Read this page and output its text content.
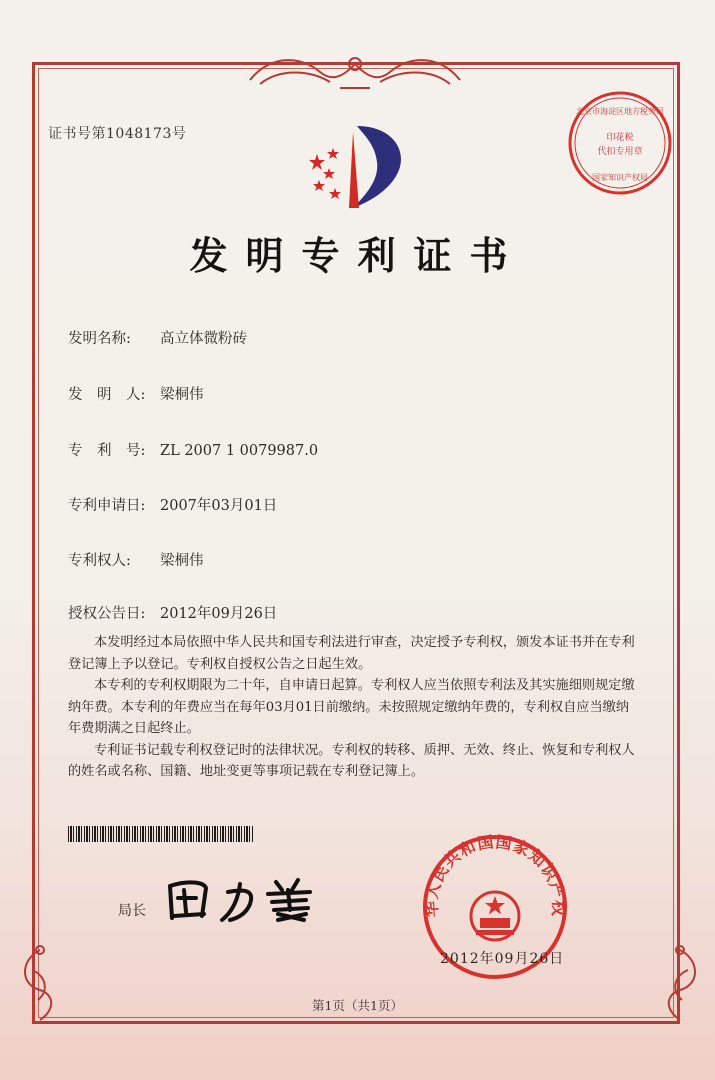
证书号第1048173号
北京市海淀区地方税务局
印花税
代扣专用章
国家知识产权局
发明专利证书
发明名称: 高立体微粉砖
发　明　人: 梁桐伟
专　利　号: ZL 2007 1 0079987.0
专利申请日: 2007年03月01日
专利权人: 梁桐伟
授权公告日: 2012年09月26日

本发明经过本局依照中华人民共和国专利法进行审查，决定授予专利权，颁发本证书并在专利登记簿上予以登记。专利权自授权公告之日起生效。

本专利的专利权期限为二十年，自申请日起算。专利权人应当依照专利法及其实施细则规定缴纳年费。本专利的年费应当在每年03月01日前缴纳。未按照规定缴纳年费的，专利权自应当缴纳年费期满之日起终止。

专利证书记载专利权登记时的法律状况。专利权的转移、质押、无效、终止、恢复和专利权人的姓名或名称、国籍、地址变更等事项记载在专利登记簿上。

局长	华人民共和国国家知识产权
2012年09月26日
第1页（共1页）
